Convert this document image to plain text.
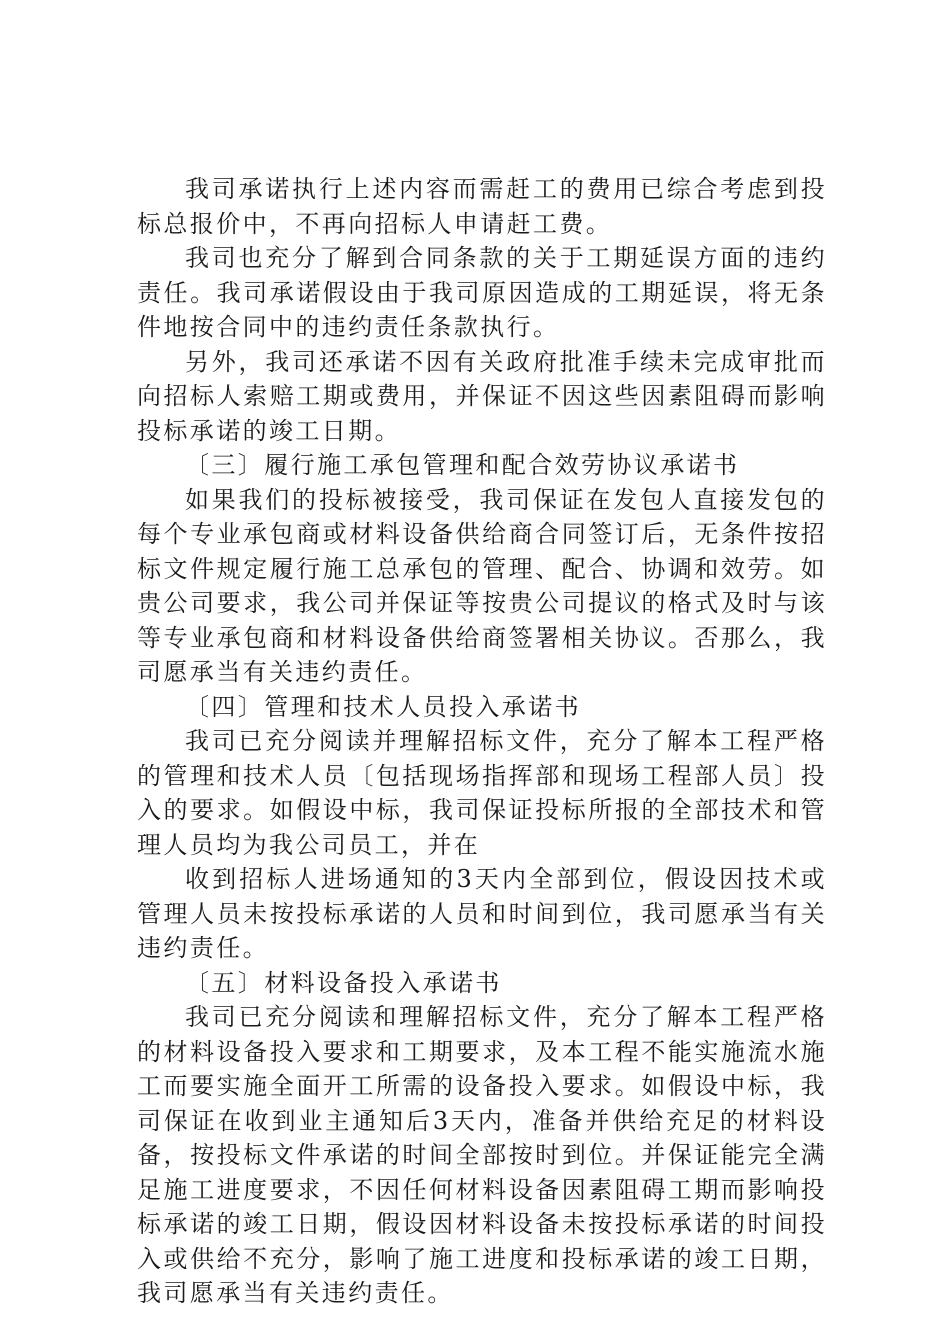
我司承诺执行上述内容而需赶工的费用已综合考虑到投标总报价中，不再向招标人申请赶工费。

我司也充分了解到合同条款的关于工期延误方面的违约责任。我司承诺假设由于我司原因造成的工期延误，将无条件地按合同中的违约责任条款执行。

另外，我司还承诺不因有关政府批准手续未完成审批而向招标人索赔工期或费用，并保证不因这些因素阻碍而影响投标承诺的竣工日期。

〔三〕履行施工承包管理和配合效劳协议承诺书

如果我们的投标被接受，我司保证在发包人直接发包的每个专业承包商或材料设备供给商合同签订后，无条件按招标文件规定履行施工总承包的管理、配合、协调和效劳。如贵公司要求，我公司并保证等按贵公司提议的格式及时与该等专业承包商和材料设备供给商签署相关协议。否那么，我司愿承当有关违约责任。

〔四〕管理和技术人员投入承诺书

我司已充分阅读并理解招标文件，充分了解本工程严格的管理和技术人员〔包括现场指挥部和现场工程部人员〕投入的要求。如假设中标，我司保证投标所报的全部技术和管理人员均为我公司员工，并在

收到招标人进场通知的3天内全部到位，假设因技术或管理人员未按投标承诺的人员和时间到位，我司愿承当有关违约责任。

〔五〕材料设备投入承诺书

我司已充分阅读和理解招标文件，充分了解本工程严格的材料设备投入要求和工期要求，及本工程不能实施流水施工而要实施全面开工所需的设备投入要求。如假设中标，我司保证在收到业主通知后3天内，准备并供给充足的材料设备，按投标文件承诺的时间全部按时到位。并保证能完全满足施工进度要求，不因任何材料设备因素阻碍工期而影响投标承诺的竣工日期，假设因材料设备未按投标承诺的时间投入或供给不充分，影响了施工进度和投标承诺的竣工日期，我司愿承当有关违约责任。
